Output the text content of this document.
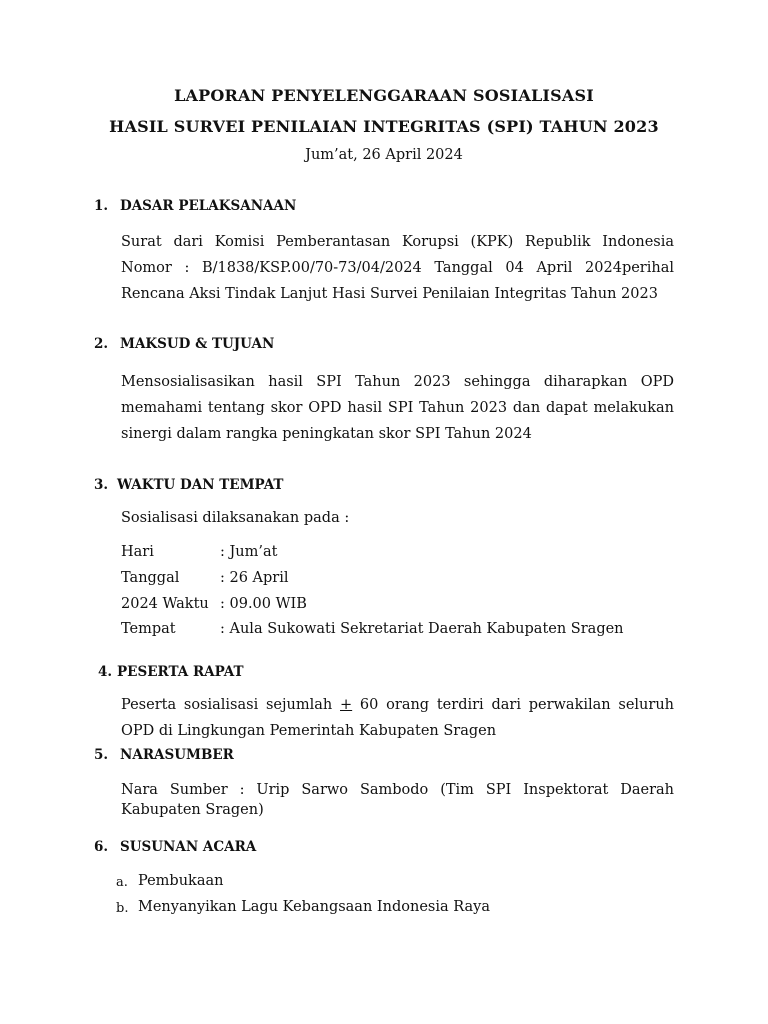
LAPORAN PENYELENGGARAAN SOSIALISASI
HASIL SURVEI PENILAIAN INTEGRITAS (SPI) TAHUN 2023
Jum’at, 26 April 2024
1. DASAR PELAKSANAAN
Surat dari Komisi Pemberantasan Korupsi (KPK) Republik Indonesia
Nomor : B/1838/KSP.00/70-73/04/2024 Tanggal 04 April 2024perihal
Rencana Aksi Tindak Lanjut Hasi Survei Penilaian Integritas Tahun 2023
2. MAKSUD & TUJUAN
Mensosialisasikan hasil SPI Tahun 2023 sehingga diharapkan OPD
memahami tentang skor OPD hasil SPI Tahun 2023 dan dapat melakukan
sinergi dalam rangka peningkatan skor SPI Tahun 2024
3. WAKTU DAN TEMPAT
Sosialisasi dilaksanakan pada :
Hari	: Jum’at
Tanggal	: 26 April
2024 Waktu : 09.00 WIB
Tempat	: Aula Sukowati Sekretariat Daerah Kabupaten Sragen
4. PESERTA RAPAT
Peserta sosialisasi sejumlah + 60 orang terdiri dari perwakilan seluruh
OPD di Lingkungan Pemerintah Kabupaten Sragen
5. NARASUMBER
Nara Sumber : Urip Sarwo Sambodo (Tim SPI Inspektorat Daerah
Kabupaten Sragen)
6. SUSUNAN ACARA
a. Pembukaan
b. Menyanyikan Lagu Kebangsaan Indonesia Raya
